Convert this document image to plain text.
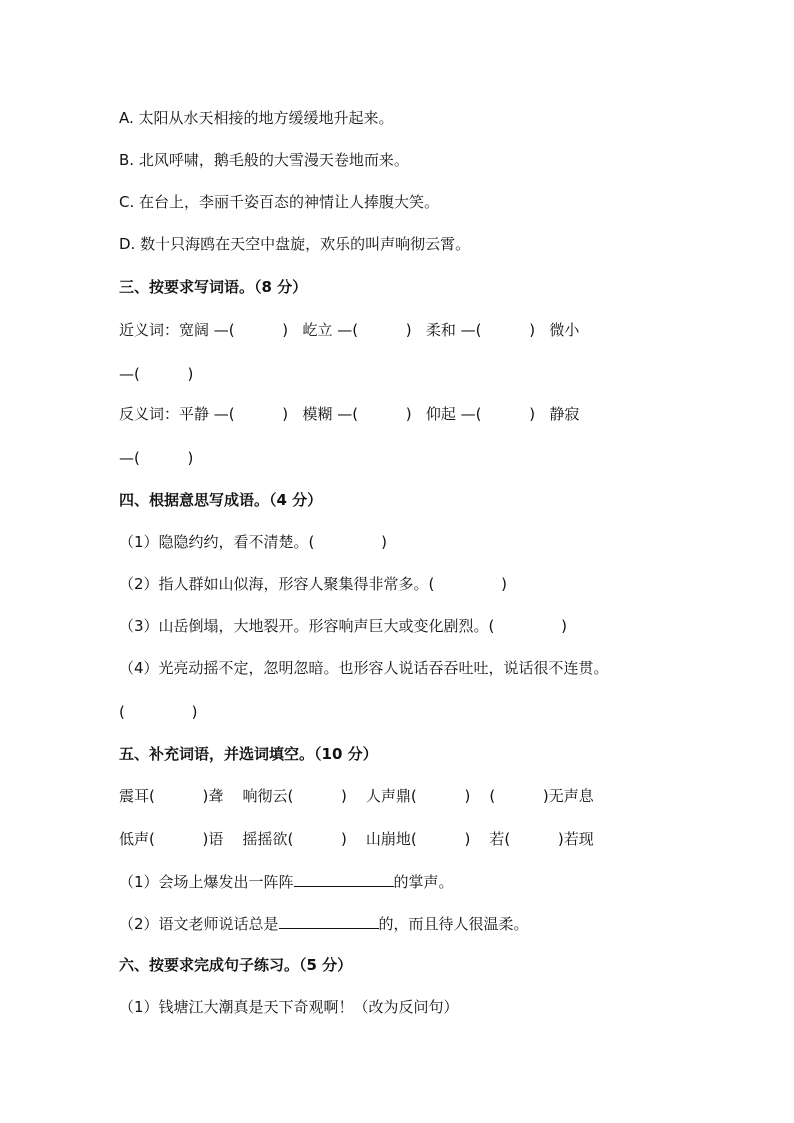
A. 太阳从水天相接的地方缓缓地升起来。
B. 北风呼啸，鹅毛般的大雪漫天卷地而来。
C. 在台上，李丽千姿百态的神情让人捧腹大笑。
D. 数十只海鸥在天空中盘旋，欢乐的叫声响彻云霄。
三、按要求写词语。（8 分）
近义词：宽阔 —(          )   屹立 —(          )   柔和 —(          )   微小
—(          )
反义词：平静 —(          )   模糊 —(          )   仰起 —(          )   静寂
—(          )
四、根据意思写成语。（4 分）
（1）隐隐约约，看不清楚。(              )
（2）指人群如山似海，形容人聚集得非常多。(              )
（3）山岳倒塌，大地裂开。形容响声巨大或变化剧烈。(              )
（4）光亮动摇不定，忽明忽暗。也形容人说话吞吞吐吐，说话很不连贯。
(              )
五、补充词语，并选词填空。（10 分）
震耳(          )聋    响彻云(          )    人声鼎(          )    (          )无声息
低声(          )语    摇摇欲(          )    山崩地(          )    若(          )若现
（1）会场上爆发出一阵阵	的掌声。
（2）语文老师说话总是	的，而且待人很温柔。
六、按要求完成句子练习。（5 分）
（1）钱塘江大潮真是天下奇观啊！（改为反问句）
